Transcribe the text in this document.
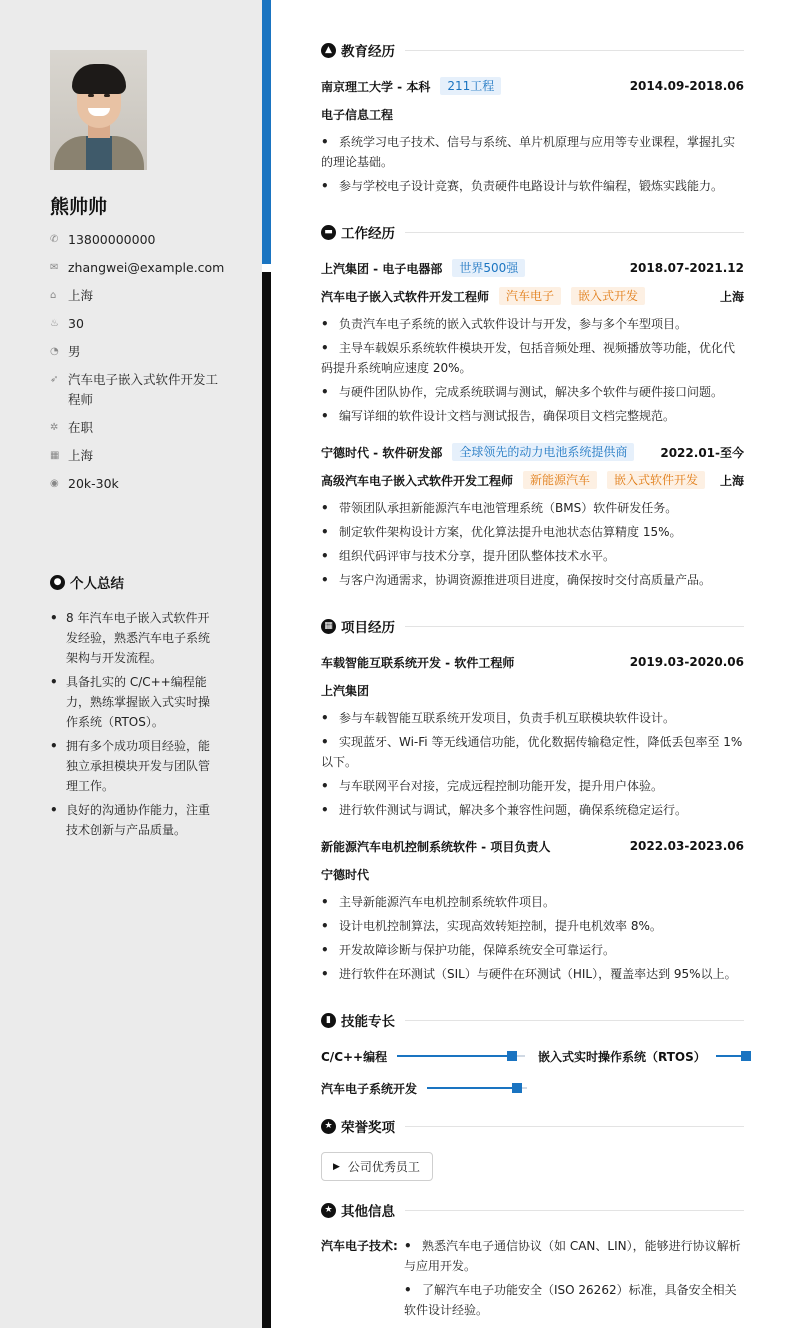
熊帅帅
✆ 13800000000
✉ zhangwei@example.com
⌂ 上海
♨ 30
◔ 男
➶ 汽车电子嵌入式软件开发工程师
✲ 在职
▦ 上海
◉ 20k-30k
● 个人总结
• 8 年汽车电子嵌入式软件开发经验，熟悉汽车电子系统架构与开发流程。
• 具备扎实的 C/C++编程能力，熟练掌握嵌入式实时操作系统（RTOS）。
• 拥有多个成功项目经验，能独立承担模块开发与团队管理工作。
• 良好的沟通协作能力，注重技术创新与产品质量。
▲ 教育经历
南京理工大学 - 本科	211工程	2014.09-2018.06
电子信息工程
• 系统学习电子技术、信号与系统、单片机原理与应用等专业课程，掌握扎实的理论基础。
• 参与学校电子设计竞赛，负责硬件电路设计与软件编程，锻炼实践能力。
▬ 工作经历
上汽集团 - 电子电器部	世界500强	2018.07-2021.12
汽车电子嵌入式软件开发工程师	汽车电子	嵌入式开发	上海
• 负责汽车电子系统的嵌入式软件设计与开发，参与多个车型项目。
• 主导车载娱乐系统软件模块开发，包括音频处理、视频播放等功能，优化代码提升系统响应速度 20%。
• 与硬件团队协作，完成系统联调与测试，解决多个软件与硬件接口问题。
• 编写详细的软件设计文档与测试报告，确保项目文档完整规范。
宁德时代 - 软件研发部	全球领先的动力电池系统提供商	2022.01-至今
高级汽车电子嵌入式软件开发工程师	新能源汽车	嵌入式软件开发	上海
• 带领团队承担新能源汽车电池管理系统（BMS）软件研发任务。
• 制定软件架构设计方案，优化算法提升电池状态估算精度 15%。
• 组织代码评审与技术分享，提升团队整体技术水平。
• 与客户沟通需求，协调资源推进项目进度，确保按时交付高质量产品。
▦ 项目经历
车载智能互联系统开发 - 软件工程师	2019.03-2020.06
上汽集团
• 参与车载智能互联系统开发项目，负责手机互联模块软件设计。
• 实现蓝牙、Wi-Fi 等无线通信功能，优化数据传输稳定性，降低丢包率至 1%以下。
• 与车联网平台对接，完成远程控制功能开发，提升用户体验。
• 进行软件测试与调试，解决多个兼容性问题，确保系统稳定运行。
新能源汽车电机控制系统软件 - 项目负责人	2022.03-2023.06
宁德时代
• 主导新能源汽车电机控制系统软件项目。
• 设计电机控制算法，实现高效转矩控制，提升电机效率 8%。
• 开发故障诊断与保护功能，保障系统安全可靠运行。
• 进行软件在环测试（SIL）与硬件在环测试（HIL），覆盖率达到 95%以上。
▮ 技能专长
C/C++编程	嵌入式实时操作系统（RTOS）
汽车电子系统开发
★ 荣誉奖项
▶ 公司优秀员工
★ 其他信息
汽车电子技术:
•	熟悉汽车电子通信协议（如 CAN、LIN），能够进行协议解析与应用开发。
• 了解汽车电子功能安全（ISO 26262）标准，具备安全相关软件设计经验。
